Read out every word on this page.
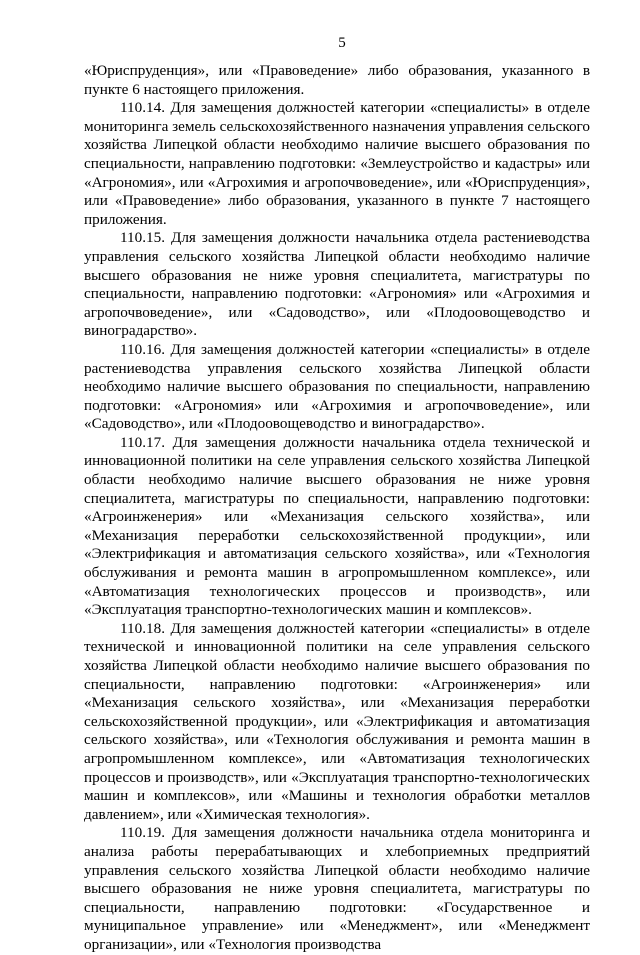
5

«Юриспруденция», или «Правоведение» либо образования, указанного в пункте 6 настоящего приложения.

110.14. Для замещения должностей категории «специалисты» в отделе мониторинга земель сельскохозяйственного назначения управления сельского хозяйства Липецкой области необходимо наличие высшего образования по специальности, направлению подготовки: «Землеустройство и кадастры» или «Агрономия», или «Агрохимия и агропочвоведение», или «Юриспруденция», или «Правоведение» либо образования, указанного в пункте 7 настоящего приложения.

110.15. Для замещения должности начальника отдела растениеводства управления сельского хозяйства Липецкой области необходимо наличие высшего образования не ниже уровня специалитета, магистратуры по специальности, направлению подготовки: «Агрономия» или «Агрохимия и агропочвоведение», или «Садоводство», или «Плодоовощеводство и виноградарство».

110.16. Для замещения должностей категории «специалисты» в отделе растениеводства управления сельского хозяйства Липецкой области необходимо наличие высшего образования по специальности, направлению подготовки: «Агрономия» или «Агрохимия и агропочвоведение», или «Садоводство», или «Плодоовощеводство и виноградарство».

110.17. Для замещения должности начальника отдела технической и инновационной политики на селе управления сельского хозяйства Липецкой области необходимо наличие высшего образования не ниже уровня специалитета, магистратуры по специальности, направлению подготовки: «Агроинженерия» или «Механизация сельского хозяйства», или «Механизация переработки сельскохозяйственной продукции», или «Электрификация и автоматизация сельского хозяйства», или «Технология обслуживания и ремонта машин в агропромышленном комплексе», или «Автоматизация технологических процессов и производств», или «Эксплуатация транспортно-технологических машин и комплексов».

110.18. Для замещения должностей категории «специалисты» в отделе технической и инновационной политики на селе управления сельского хозяйства Липецкой области необходимо наличие высшего образования по специальности, направлению подготовки: «Агроинженерия» или «Механизация сельского хозяйства», или «Механизация переработки сельскохозяйственной продукции», или «Электрификация и автоматизация сельского хозяйства», или «Технология обслуживания и ремонта машин в агропромышленном комплексе», или «Автоматизация технологических процессов и производств», или «Эксплуатация транспортно-технологических машин и комплексов», или «Машины и технология обработки металлов давлением», или «Химическая технология».

110.19. Для замещения должности начальника отдела мониторинга и анализа работы перерабатывающих и хлебоприемных предприятий управления сельского хозяйства Липецкой области необходимо наличие высшего образования не ниже уровня специалитета, магистратуры по специальности, направлению подготовки: «Государственное и муниципальное управление» или «Менеджмент», или «Менеджмент организации», или «Технология производства
